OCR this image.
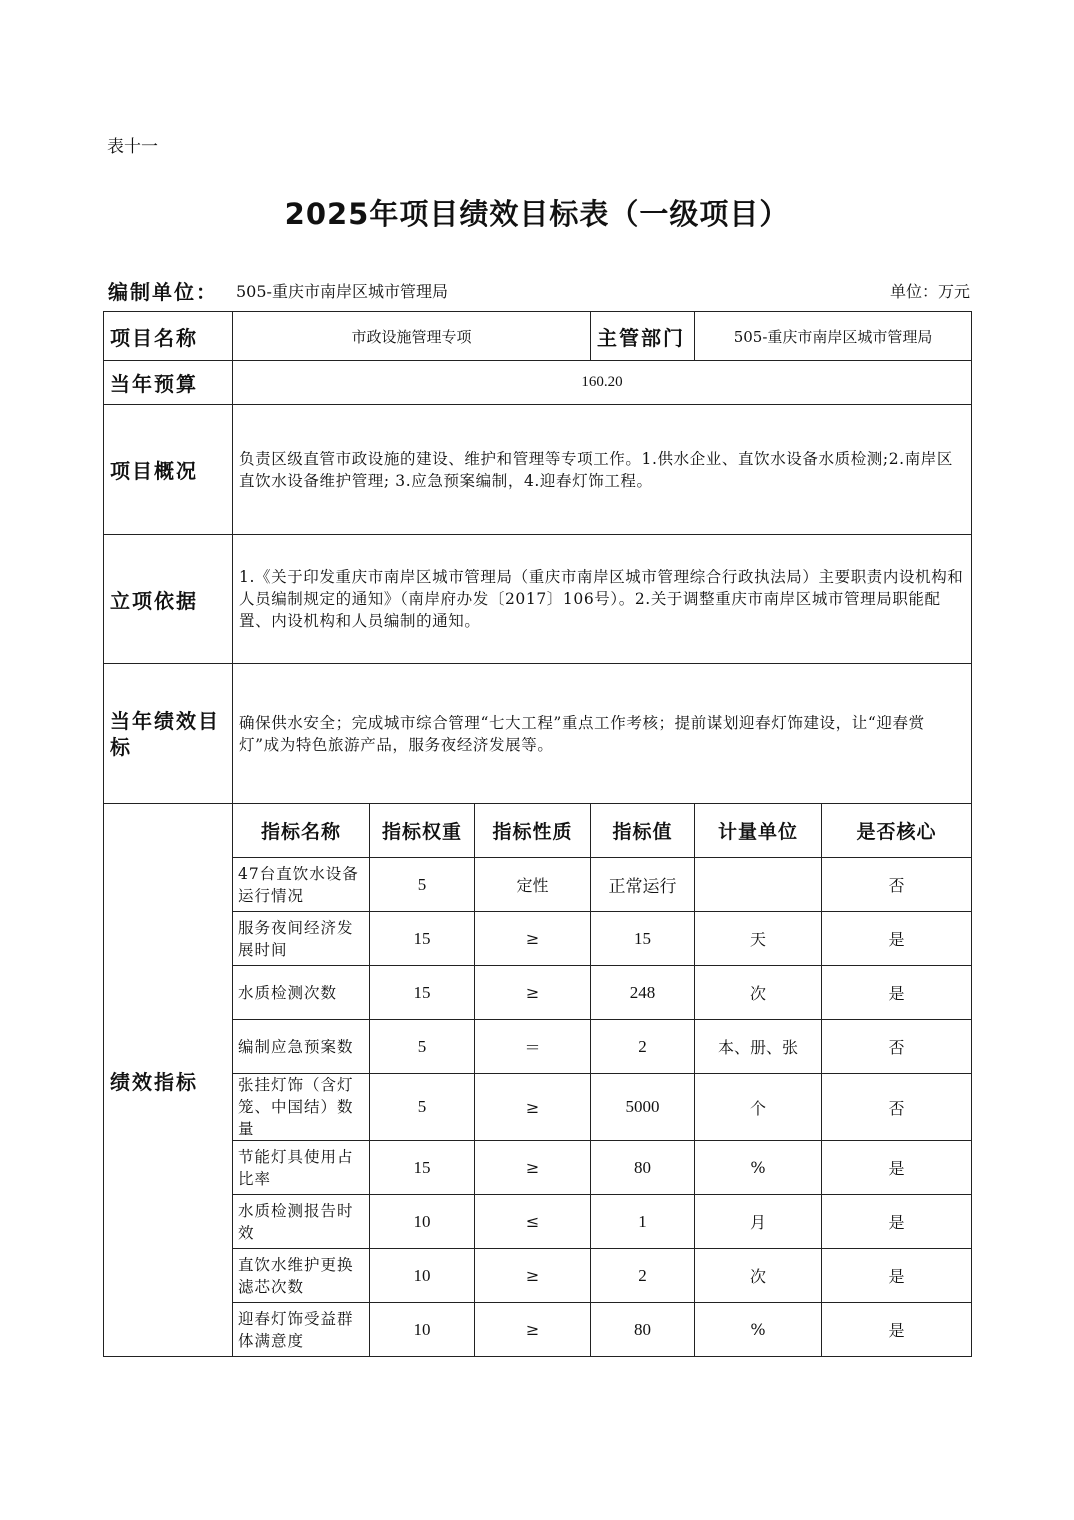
表十一
2025年项目绩效目标表（一级项目）
编制单位： 505-重庆市南岸区城市管理局	单位：万元
项目名称	市政设施管理专项			主管部门	505-重庆市南岸区城市管理局	
当年预算	160.20					
项目概况	负责区级直管市政设施的建设、维护和管理等专项工作。1.供水企业、直饮水设备水质检测;2.南岸区直饮水设备维护管理; 3.应急预案编制，4.迎春灯饰工程。					
立项依据	1.《关于印发重庆市南岸区城市管理局（重庆市南岸区城市管理综合行政执法局）主要职责内设机构和人员编制规定的通知》（南岸府办发〔2017〕106号）。2.关于调整重庆市南岸区城市管理局职能配置、内设机构和人员编制的通知。					
当年绩效目标	确保供水安全；完成城市综合管理“七大工程”重点工作考核；提前谋划迎春灯饰建设，让“迎春赏灯”成为特色旅游产品，服务夜经济发展等。					
绩效指标	指标名称	指标权重	指标性质	指标值	计量单位	是否核心
	47台直饮水设备运行情况	5	定性	正常运行		否
	服务夜间经济发展时间	15	≥	15	天	是
	水质检测次数	15	≥	248	次	是
	编制应急预案数	5	＝	2	本、册、张	否
	张挂灯饰（含灯笼、中国结）数量	5	≥	5000	个	否
	节能灯具使用占比率	15	≥	80	%	是
	水质检测报告时效	10	≤	1	月	是
	直饮水维护更换滤芯次数	10	≥	2	次	是
	迎春灯饰受益群体满意度	10	≥	80	%	是
